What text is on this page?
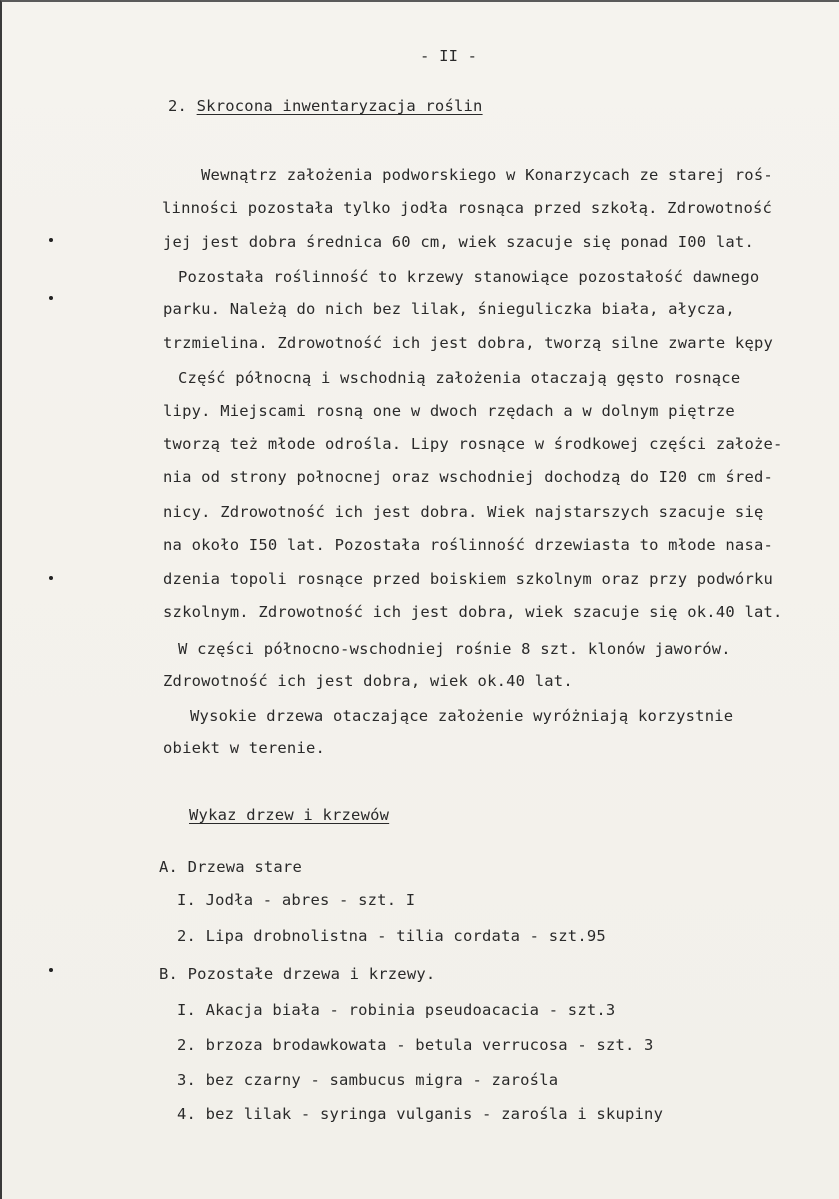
- II -
2. Skrocona inwentaryzacja roślin
Wewnątrz założenia podworskiego w Konarzycach ze starej roś-
linności pozostała tylko jodła rosnąca przed szkołą. Zdrowotność
jej jest dobra średnica 60 cm, wiek szacuje się ponad I00 lat.
Pozostała roślinność to krzewy stanowiące pozostałość dawnego
parku. Należą do nich bez lilak, śnieguliczka biała, ałycza,
trzmielina. Zdrowotność ich jest dobra, tworzą silne zwarte kępy
Część północną i wschodnią założenia otaczają gęsto rosnące
lipy. Miejscami rosną one w dwoch rzędach a w dolnym piętrze
tworzą też młode odrośla. Lipy rosnące w środkowej części założe-
nia od strony połnocnej oraz wschodniej dochodzą do I20 cm śred-
nicy. Zdrowotność ich jest dobra. Wiek najstarszych szacuje się
na około I50 lat. Pozostała roślinność drzewiasta to młode nasa-
dzenia topoli rosnące przed boiskiem szkolnym oraz przy podwórku
szkolnym. Zdrowotność ich jest dobra, wiek szacuje się ok.40 lat.
W części północno-wschodniej rośnie 8 szt. klonów jaworów.
Zdrowotność ich jest dobra, wiek ok.40 lat.
Wysokie drzewa otaczające założenie wyróżniają korzystnie
obiekt w terenie.
Wykaz drzew i krzewów
A. Drzewa stare
I. Jodła - abres - szt. I
2. Lipa drobnolistna - tilia cordata - szt.95
B. Pozostałe drzewa i krzewy.
I. Akacja biała - robinia pseudoacacia - szt.3
2. brzoza brodawkowata - betula verrucosa - szt. 3
3. bez czarny - sambucus migra - zarośla
4. bez lilak - syringa vulganis - zarośla i skupiny
